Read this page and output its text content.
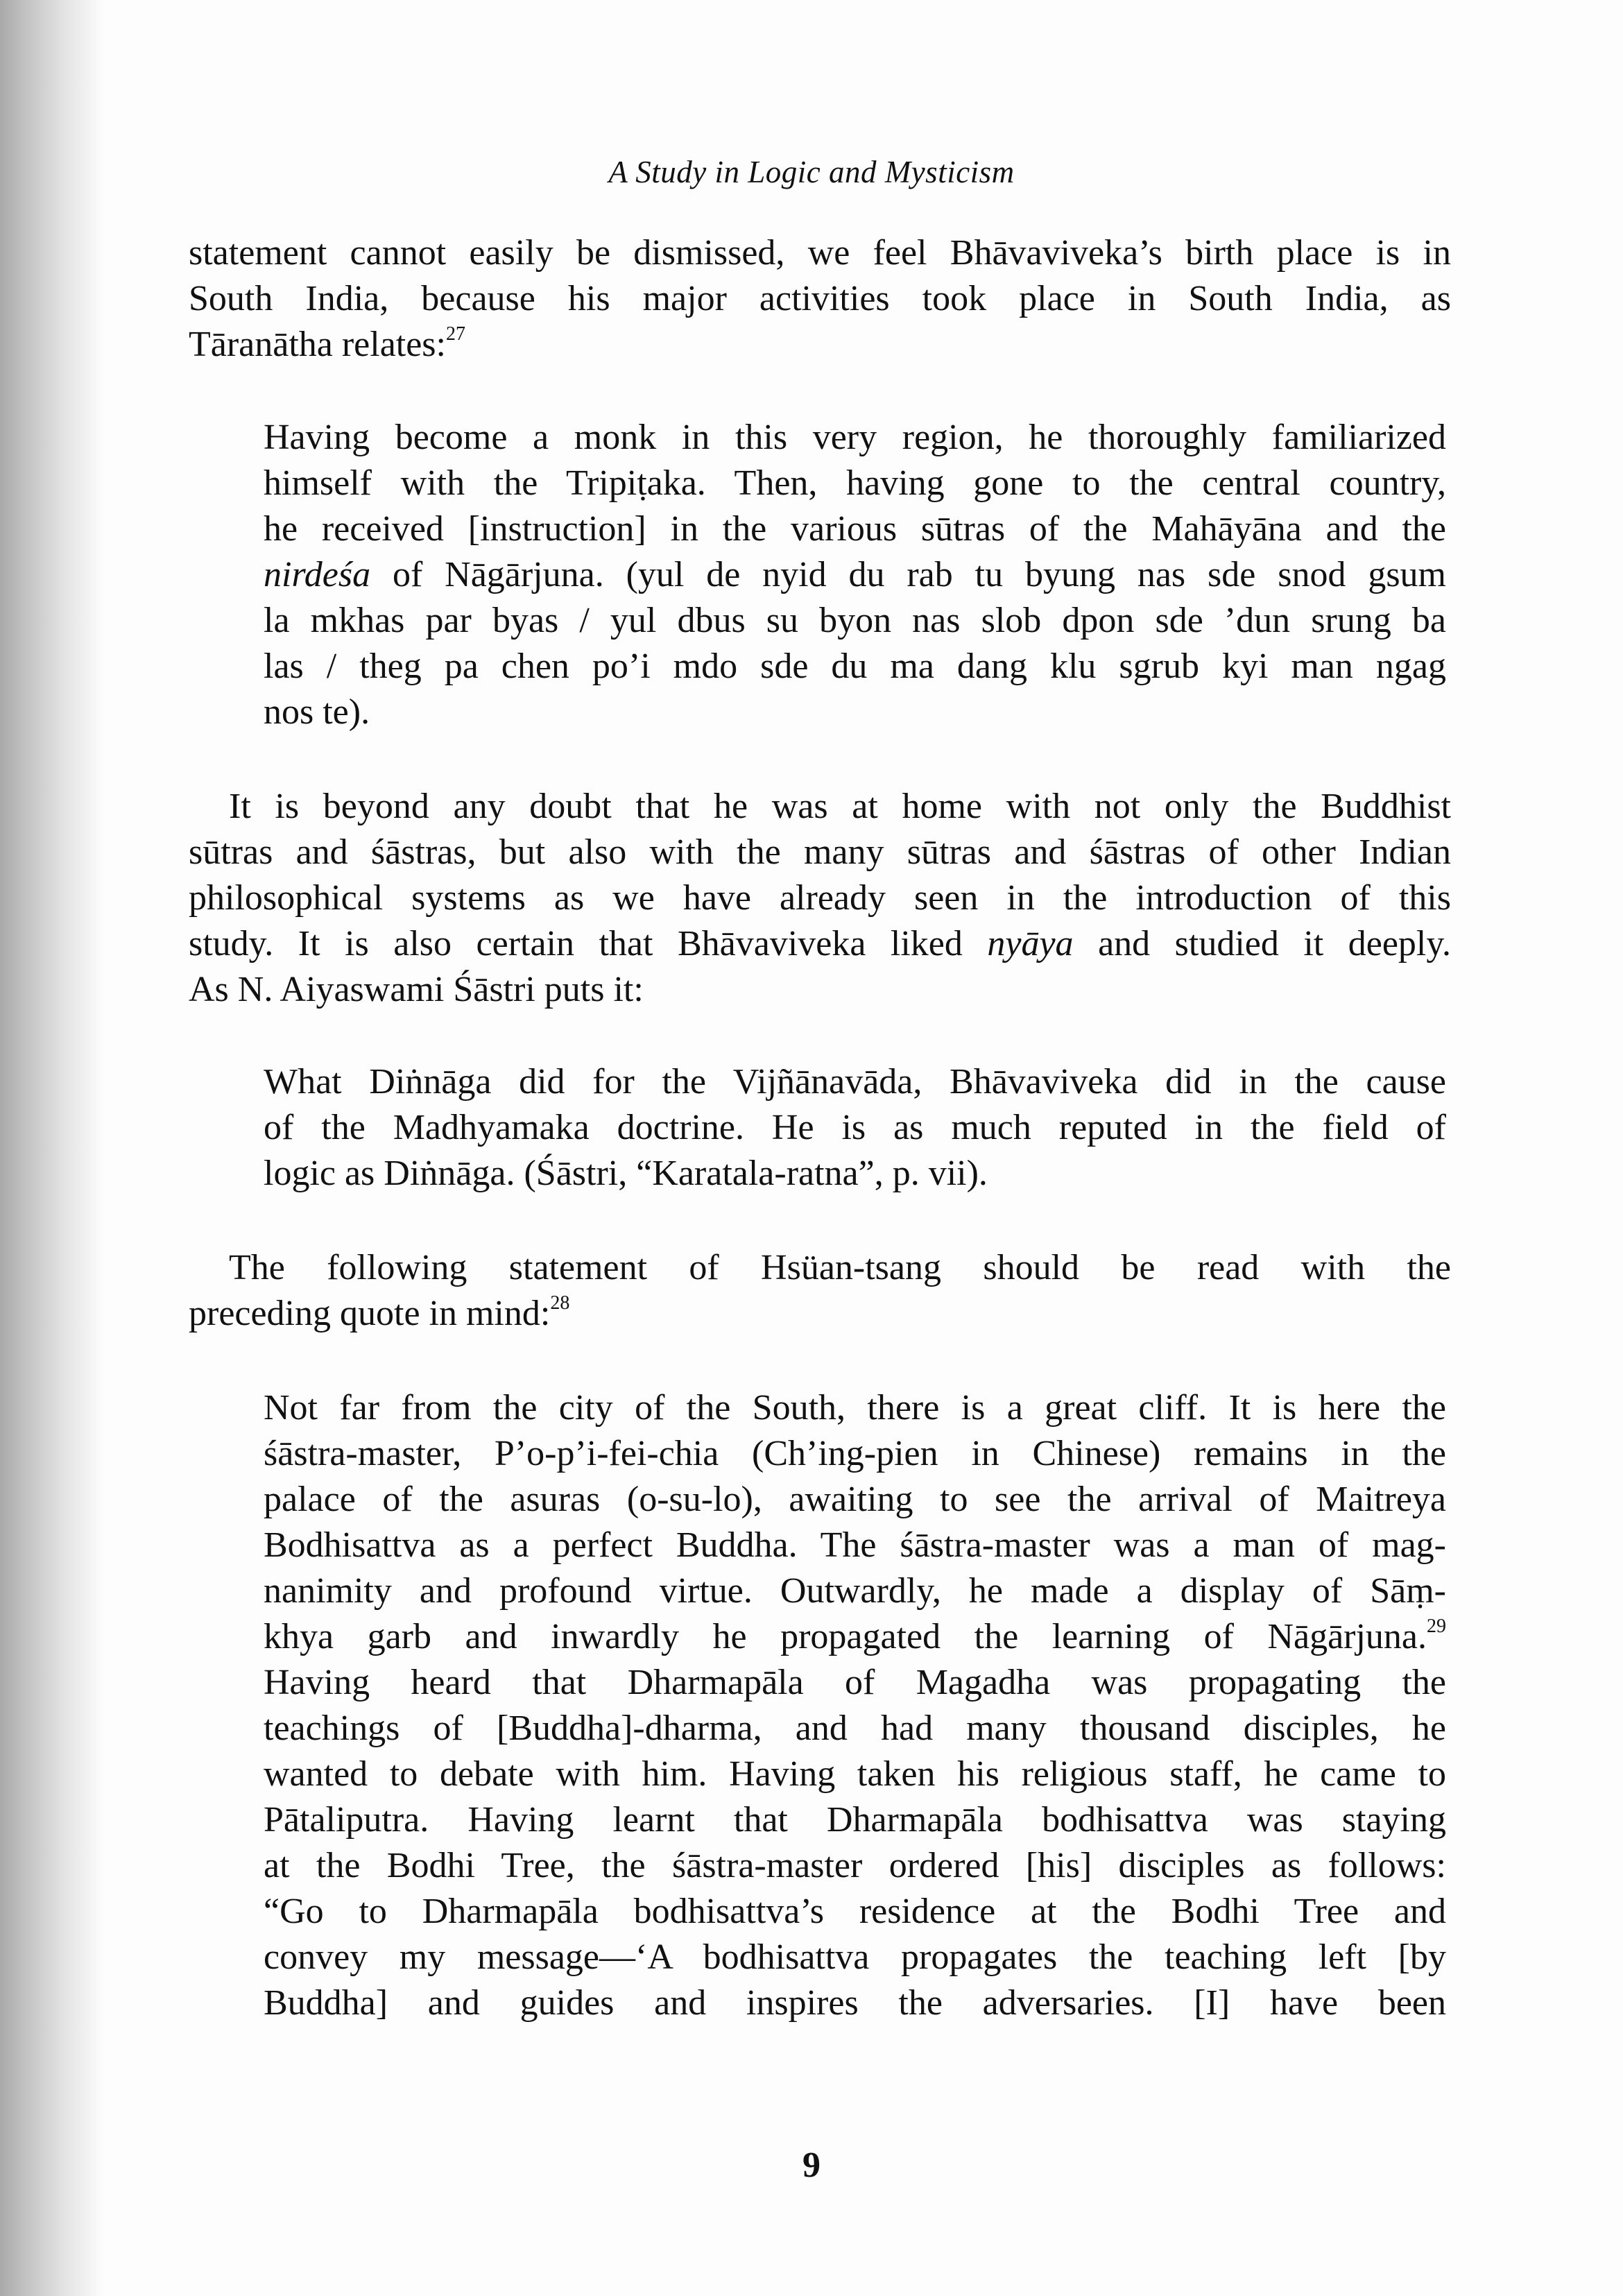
A Study in Logic and Mysticism
statement cannot easily be dismissed, we feel Bhāvaviveka’s birth place is in
South India, because his major activities took place in South India, as
Tāranātha relates:$^{27}$
Having become a monk in this very region, he thoroughly familiarized
himself with the Tripiṭaka. Then, having gone to the central country,
he received [instruction] in the various sūtras of the Mahāyāna and the
nirdeśa of Nāgārjuna. (yul de nyid du rab tu byung nas sde snod gsum
la mkhas par byas / yul dbus su byon nas slob dpon sde ’dun srung ba
las / theg pa chen po’i mdo sde du ma dang klu sgrub kyi man ngag
nos te).
It is beyond any doubt that he was at home with not only the Buddhist
sūtras and śāstras, but also with the many sūtras and śāstras of other Indian
philosophical systems as we have already seen in the introduction of this
study. It is also certain that Bhāvaviveka liked nyāya and studied it deeply.
As N. Aiyaswami Śāstri puts it:
What Diṅnāga did for the Vijñānavāda, Bhāvaviveka did in the cause
of the Madhyamaka doctrine. He is as much reputed in the field of
logic as Diṅnāga. (Śāstri, “Karatala-ratna”, p. vii).
The following statement of Hsüan-tsang should be read with the
preceding quote in mind:$^{28}$
Not far from the city of the South, there is a great cliff. It is here the
śāstra-master, P’o-p’i-fei-chia (Ch’ing-pien in Chinese) remains in the
palace of the asuras (o-su-lo), awaiting to see the arrival of Maitreya
Bodhisattva as a perfect Buddha. The śāstra-master was a man of mag-
nanimity and profound virtue. Outwardly, he made a display of Sāṃ-
khya garb and inwardly he propagated the learning of Nāgārjuna.$^{29}$
Having heard that Dharmapāla of Magadha was propagating the
teachings of [Buddha]-dharma, and had many thousand disciples, he
wanted to debate with him. Having taken his religious staff, he came to
Pātaliputra. Having learnt that Dharmapāla bodhisattva was staying
at the Bodhi Tree, the śāstra-master ordered [his] disciples as follows:
“Go to Dharmapāla bodhisattva’s residence at the Bodhi Tree and
convey my message—‘A bodhisattva propagates the teaching left [by
Buddha] and guides and inspires the adversaries. [I] have been
9
